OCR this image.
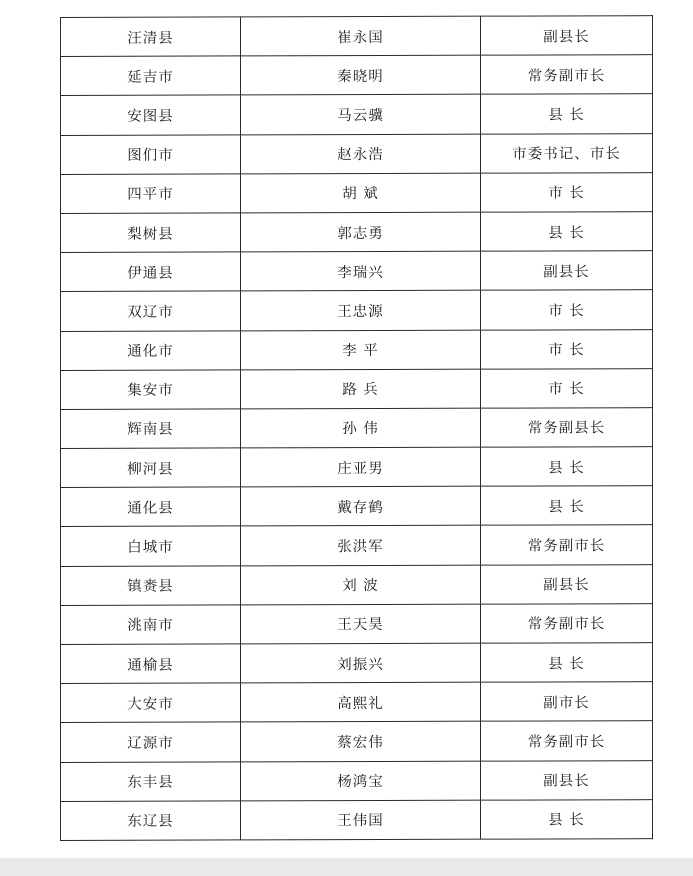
汪清县	崔永国	副县长
延吉市	秦晓明	常务副市长
安图县	马云骥	县 长
图们市	赵永浩	市委书记、市长
四平市	胡 斌	市 长
梨树县	郭志勇	县 长
伊通县	李瑞兴	副县长
双辽市	王忠源	市 长
通化市	李 平	市 长
集安市	路 兵	市 长
辉南县	孙 伟	常务副县长
柳河县	庄亚男	县 长
通化县	戴存鹤	县 长
白城市	张洪军	常务副市长
镇赉县	刘 波	副县长
洮南市	王天昊	常务副市长
通榆县	刘振兴	县 长
大安市	高熙礼	副市长
辽源市	蔡宏伟	常务副市长
东丰县	杨鸿宝	副县长
东辽县	王伟国	县 长
